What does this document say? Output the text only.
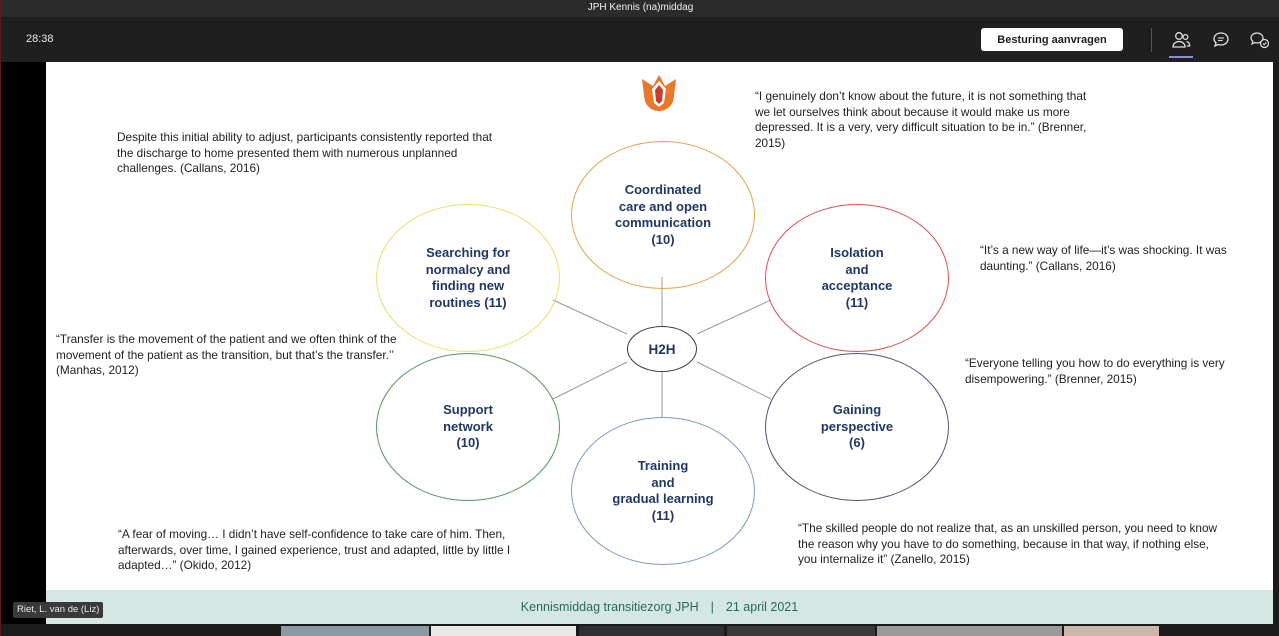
JPH Kennis (na)middag
28:38	Besturing aanvragen
Coordinated
care and open
communication
(10)
Isolation
and
acceptance
(11)
Gaining
perspective
(6)
Training
and
gradual learning
(11)
Support
network
(10)
Searching for
normalcy and
finding new
routines (11)
H2H
Despite this initial ability to adjust, participants consistently reported that the discharge to home presented them with numerous unplanned challenges. (Callans, 2016)
“I genuinely don’t know about the future, it is not something that we let ourselves think about because it would make us more depressed. It is a very, very difficult situation to be in.” (Brenner, 2015)
“It’s a new way of life—it’s was shocking. It was daunting.” (Callans, 2016)
“Everyone telling you how to do everything is very disempowering.” (Brenner, 2015)
“Transfer is the movement of the patient and we often think of the movement of the patient as the transition, but that’s the transfer.’’ (Manhas, 2012)
“A fear of moving… I didn’t have self-confidence to take care of him. Then, afterwards, over time, I gained experience, trust and adapted, little by little I adapted…” (Okido, 2012)
“The skilled people do not realize that, as an unskilled person, you need to know the reason why you have to do something, because in that way, if nothing else, you internalize it” (Zanello, 2015)
Kennismiddag transitiezorg JPH | 21 april 2021
Riet, L. van de (Liz)
